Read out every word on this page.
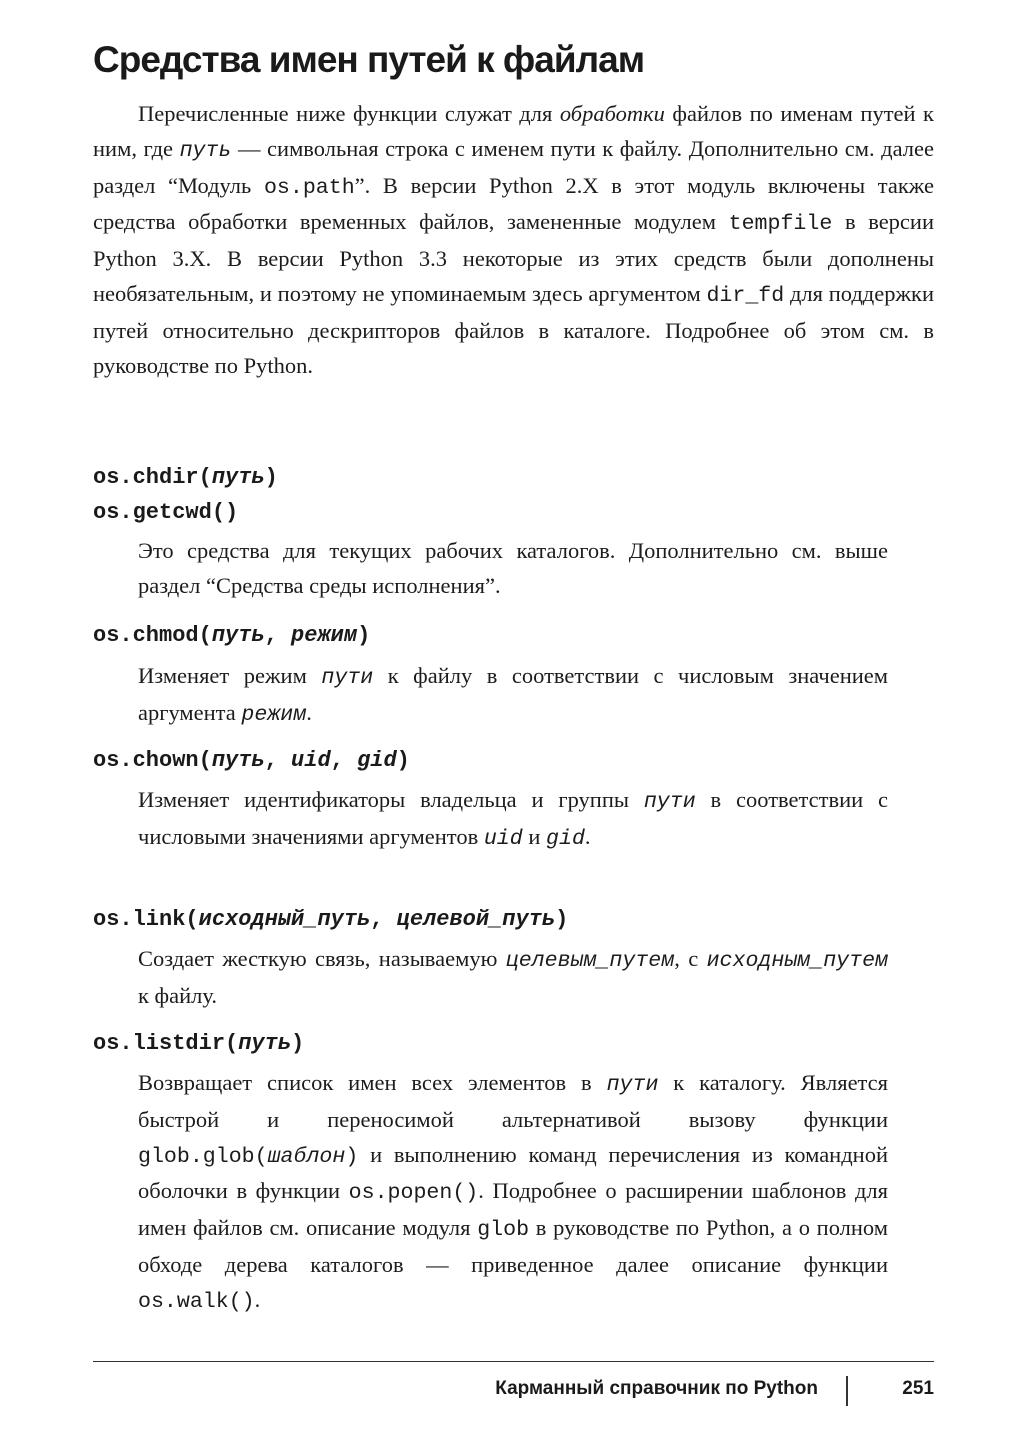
Средства имен путей к файлам

Перечисленные ниже функции служат для обработки файлов по именам путей к ним, где путь — символьная строка с именем пути к файлу. Дополнительно см. далее раздел “Модуль os.path”. В версии Python 2.X в этот модуль включены также средства обработки временных файлов, замененные модулем tempfile в версии Python 3.X. В версии Python 3.3 некоторые из этих средств были дополнены необязательным, и поэтому не упоминаемым здесь аргументом dir_fd для поддержки путей относительно дескрипторов файлов в каталоге. Подробнее об этом см. в руководстве по Python.

os.chdir(путь)
os.getcwd()

Это средства для текущих рабочих каталогов. Дополнительно см. выше раздел “Средства среды исполнения”.

os.chmod(путь, режим)

Изменяет режим пути к файлу в соответствии с числовым значением аргумента режим.

os.chown(путь, uid, gid)

Изменяет идентификаторы владельца и группы пути в соответствии с числовыми значениями аргументов uid и gid.

os.link(исходный_путь, целевой_путь)

Создает жесткую связь, называемую целевым_путем, с исходным_путем к файлу.

os.listdir(путь)

Возвращает список имен всех элементов в пути к каталогу. Является быстрой и переносимой альтернативой вызову функции glob.glob(шаблон) и выполнению команд перечисления из командной оболочки в функции os.popen(). Подробнее о расширении шаблонов для имен файлов см. описание модуля glob в руководстве по Python, а о полном обходе дерева каталогов — приведенное далее описание функции os.walk().

Карманный справочник по Python	251
